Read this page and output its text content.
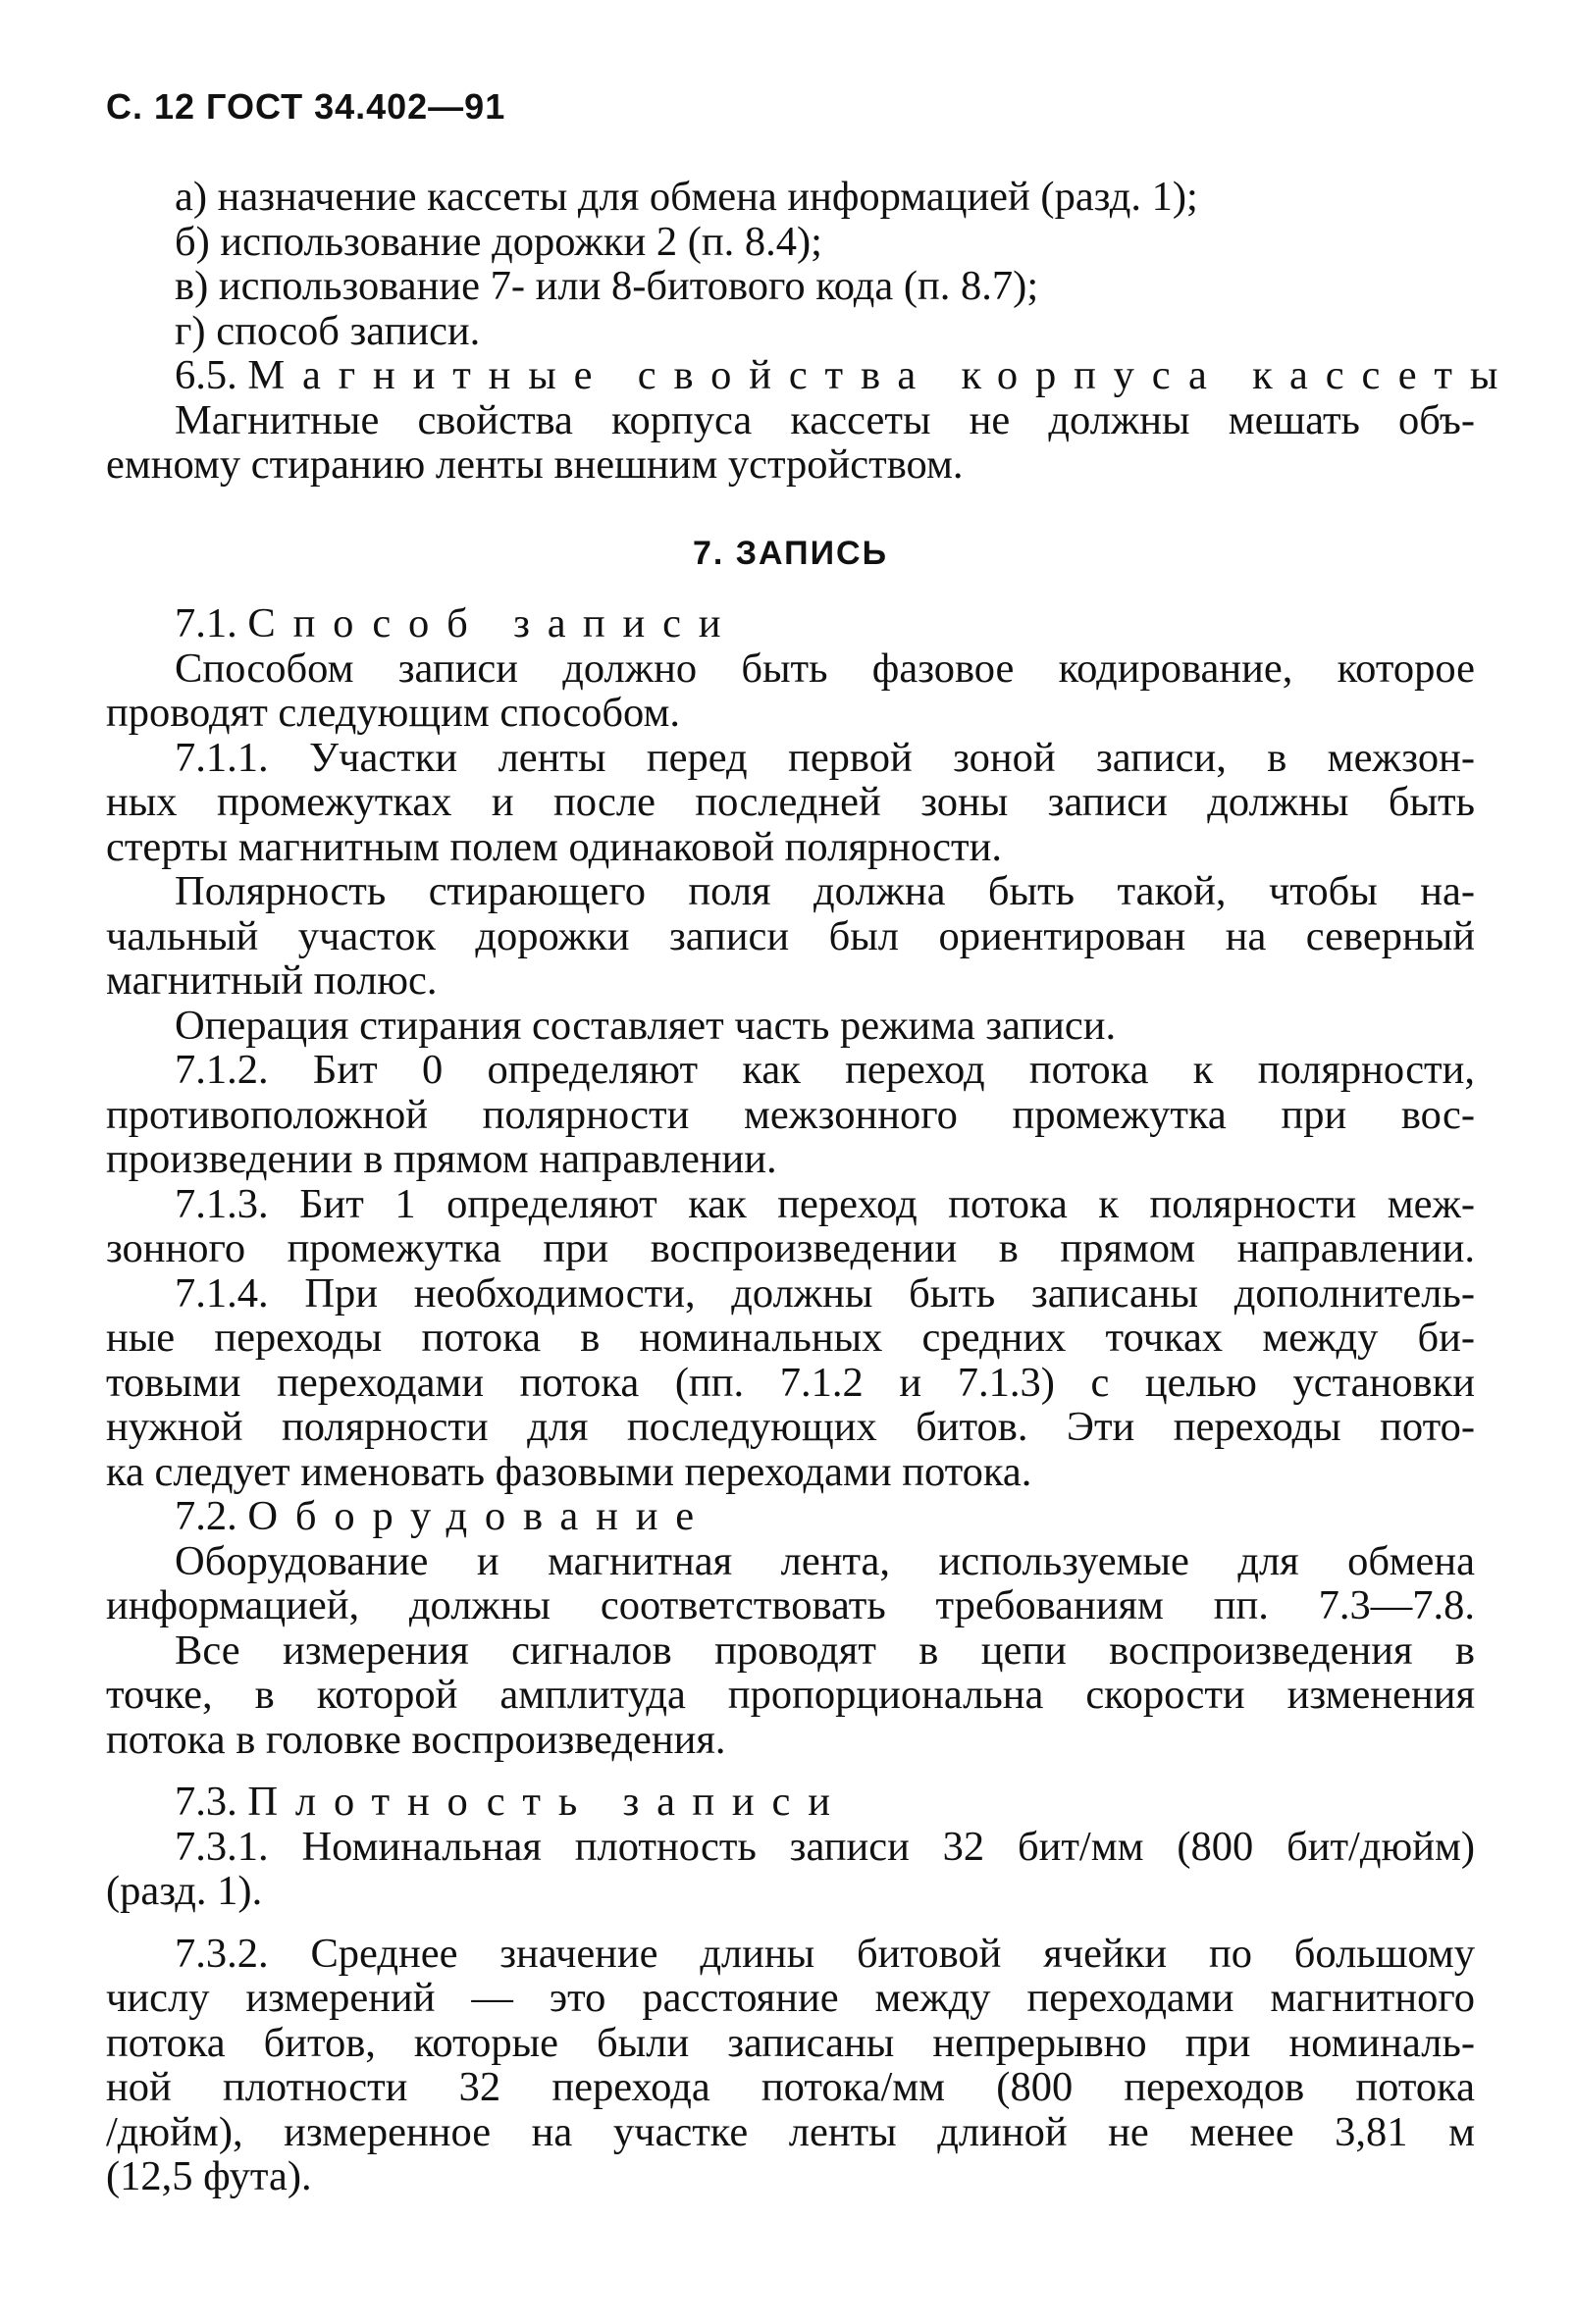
С. 12 ГОСТ 34.402—91
а) назначение кассеты для обмена информацией (разд. 1);
б) использование дорожки 2 (п. 8.4);
в) использование 7- или 8-битового кода (п. 8.7);
г) способ записи.
6.5. Магнитные свойства корпуса кассеты
Магнитные свойства корпуса кассеты не должны мешать объ-
емному стиранию ленты внешним устройством.
7. ЗАПИСЬ
7.1. Способ записи
Способом записи должно быть фазовое кодирование, которое
проводят следующим способом.
7.1.1. Участки ленты перед первой зоной записи, в межзон-
ных промежутках и после последней зоны записи должны быть
стерты магнитным полем одинаковой полярности.
Полярность стирающего поля должна быть такой, чтобы на-
чальный участок дорожки записи был ориентирован на северный
магнитный полюс.
Операция стирания составляет часть режима записи.
7.1.2. Бит 0 определяют как переход потока к полярности,
противоположной полярности межзонного промежутка при вос-
произведении в прямом направлении.
7.1.3. Бит 1 определяют как переход потока к полярности меж-
зонного промежутка при воспроизведении в прямом направлении.
7.1.4. При необходимости, должны быть записаны дополнитель-
ные переходы потока в номинальных средних точках между би-
товыми переходами потока (пп. 7.1.2 и 7.1.3) с целью установки
нужной полярности для последующих битов. Эти переходы пото-
ка следует именовать фазовыми переходами потока.
7.2. Оборудование
Оборудование и магнитная лента, используемые для обмена
информацией, должны соответствовать требованиям пп. 7.3—7.8.
Все измерения сигналов проводят в цепи воспроизведения в
точке, в которой амплитуда пропорциональна скорости изменения
потока в головке воспроизведения.
7.3. Плотность записи
7.3.1. Номинальная плотность записи 32 бит/мм (800 бит/дюйм)
(разд. 1).
7.3.2. Среднее значение длины битовой ячейки по большому
числу измерений — это расстояние между переходами магнитного
потока битов, которые были записаны непрерывно при номиналь-
ной плотности 32 перехода потока/мм (800 переходов потока
/дюйм), измеренное на участке ленты длиной не менее 3,81 м
(12,5 фута).
